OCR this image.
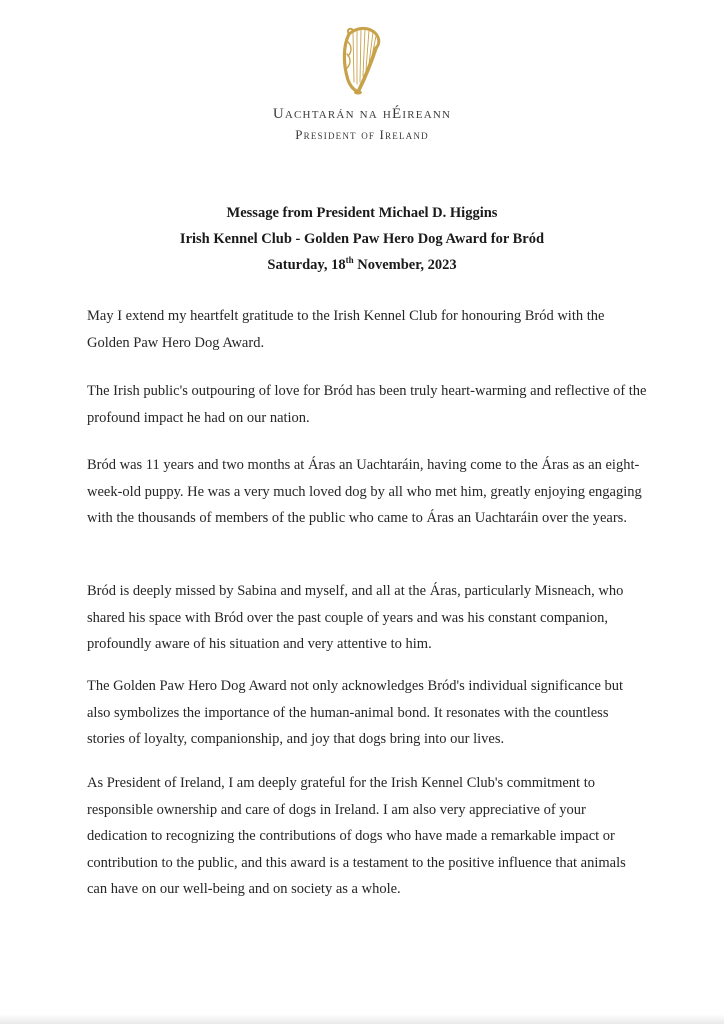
Uachtarán na hÉireann
President of Ireland
Message from President Michael D. Higgins
Irish Kennel Club - Golden Paw Hero Dog Award for Bród
Saturday, 18th November, 2023

May I extend my heartfelt gratitude to the Irish Kennel Club for honouring Bród with the Golden Paw Hero Dog Award.

The Irish public's outpouring of love for Bród has been truly heart-warming and reflective of the profound impact he had on our nation.

Bród was 11 years and two months at Áras an Uachtaráin, having come to the Áras as an eight-week-old puppy. He was a very much loved dog by all who met him, greatly enjoying engaging with the thousands of members of the public who came to Áras an Uachtaráin over the years.

Bród is deeply missed by Sabina and myself, and all at the Áras, particularly Misneach, who shared his space with Bród over the past couple of years and was his constant companion, profoundly aware of his situation and very attentive to him.

The Golden Paw Hero Dog Award not only acknowledges Bród's individual significance but also symbolizes the importance of the human-animal bond. It resonates with the countless stories of loyalty, companionship, and joy that dogs bring into our lives.

As President of Ireland, I am deeply grateful for the Irish Kennel Club's commitment to responsible ownership and care of dogs in Ireland. I am also very appreciative of your dedication to recognizing the contributions of dogs who have made a remarkable impact or contribution to the public, and this award is a testament to the positive influence that animals can have on our well-being and on society as a whole.
